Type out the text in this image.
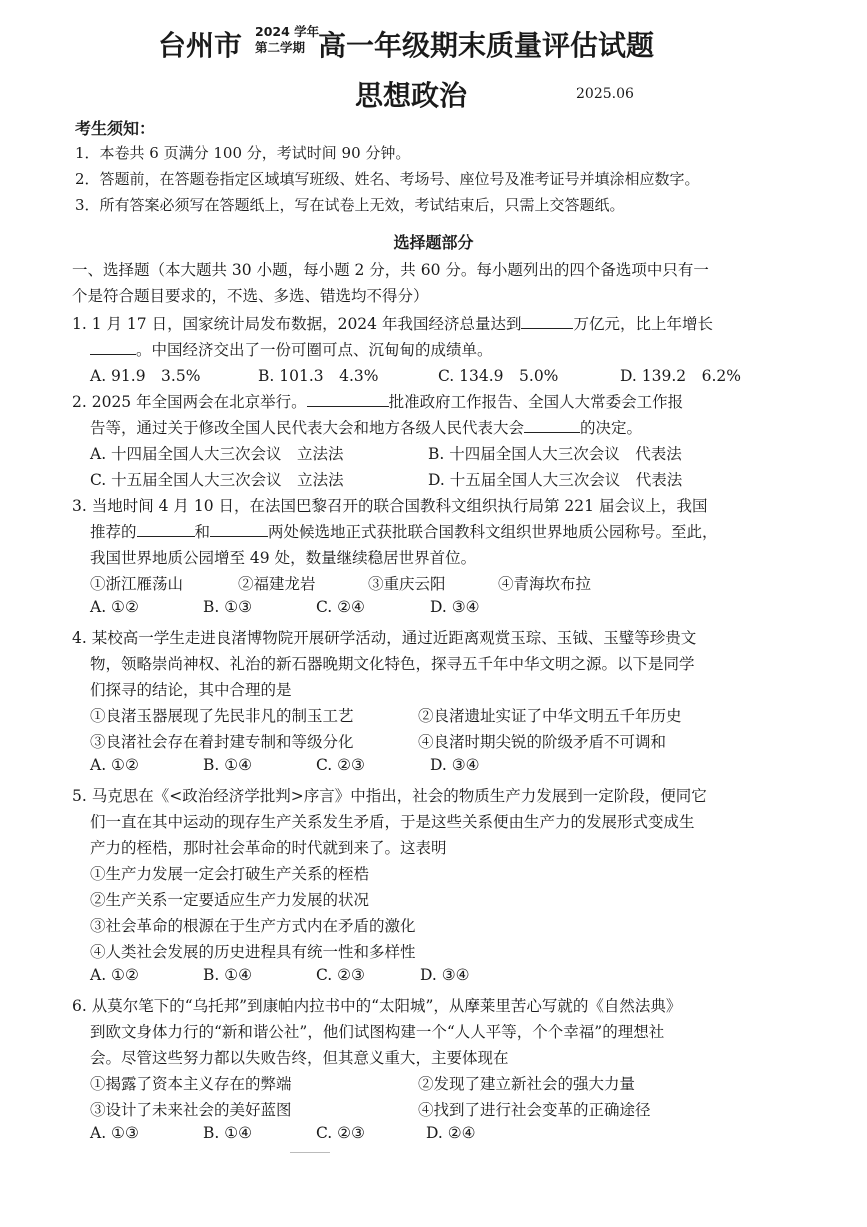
台州市 2024 学年
第二学期 高一年级期末质量评估试题
思想政治	2025.06
考生须知：
1．本卷共 6 页满分 100 分，考试时间 90 分钟。
2．答题前，在答题卷指定区域填写班级、姓名、考场号、座位号及准考证号并填涂相应数字。
3．所有答案必须写在答题纸上，写在试卷上无效，考试结束后，只需上交答题纸。
选择题部分
一、选择题（本大题共 30 小题，每小题 2 分，共 60 分。每小题列出的四个备选项中只有一
个是符合题目要求的，不选、多选、错选均不得分）
1. 1 月 17 日，国家统计局发布数据，2024 年我国经济总量达到	万亿元，比上年增长
。中国经济交出了一份可圈可点、沉甸甸的成绩单。
A. 91.9　3.5%	B. 101.3　4.3%	C. 134.9　5.0%	D. 139.2　6.2%
2. 2025 年全国两会在北京举行。	批准政府工作报告、全国人大常委会工作报
告等，通过关于修改全国人民代表大会和地方各级人民代表大会	的决定。
A. 十四届全国人大三次会议　立法法	B. 十四届全国人大三次会议　代表法
C. 十五届全国人大三次会议　立法法	D. 十五届全国人大三次会议　代表法
3. 当地时间 4 月 10 日，在法国巴黎召开的联合国教科文组织执行局第 221 届会议上，我国
推荐的	和	两处候选地正式获批联合国教科文组织世界地质公园称号。至此，
我国世界地质公园增至 49 处，数量继续稳居世界首位。
①浙江雁荡山	②福建龙岩	③重庆云阳	④青海坎布拉
A. ①②	B. ①③	C. ②④	D. ③④
4. 某校高一学生走进良渚博物院开展研学活动，通过近距离观赏玉琮、玉钺、玉璧等珍贵文
物，领略崇尚神权、礼治的新石器晚期文化特色，探寻五千年中华文明之源。以下是同学
们探寻的结论，其中合理的是
①良渚玉器展现了先民非凡的制玉工艺	②良渚遗址实证了中华文明五千年历史
③良渚社会存在着封建专制和等级分化	④良渚时期尖锐的阶级矛盾不可调和
A. ①②	B. ①④	C. ②③	D. ③④
5. 马克思在《<政治经济学批判>序言》中指出，社会的物质生产力发展到一定阶段，便同它
们一直在其中运动的现存生产关系发生矛盾，于是这些关系便由生产力的发展形式变成生
产力的桎梏，那时社会革命的时代就到来了。这表明
①生产力发展一定会打破生产关系的桎梏
②生产关系一定要适应生产力发展的状况
③社会革命的根源在于生产方式内在矛盾的激化
④人类社会发展的历史进程具有统一性和多样性
A. ①②	B. ①④	C. ②③	D. ③④
6. 从莫尔笔下的“乌托邦”到康帕内拉书中的“太阳城”，从摩莱里苦心写就的《自然法典》
到欧文身体力行的“新和谐公社”，他们试图构建一个“人人平等，个个幸福”的理想社
会。尽管这些努力都以失败告终，但其意义重大，主要体现在
①揭露了资本主义存在的弊端	②发现了建立新社会的强大力量
③设计了未来社会的美好蓝图	④找到了进行社会变革的正确途径
A. ①③	B. ①④	C. ②③	D. ②④
